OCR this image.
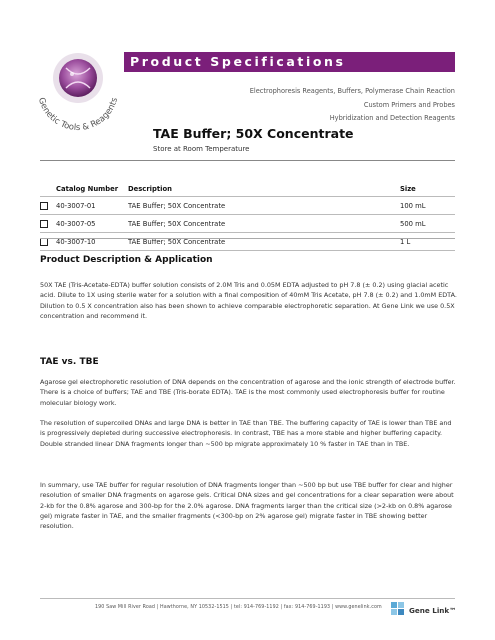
Genetic Tools & Reagents
Product Specifications
Electrophoresis Reagents, Buffers, Polymerase Chain Reaction
Custom Primers and Probes
Hybridization and Detection Reagents
TAE Buffer; 50X Concentrate
Store at Room Temperature
	Catalog Number	Description	Size
	40-3007-01	TAE Buffer; 50X Concentrate	100 mL
	40-3007-05	TAE Buffer; 50X Concentrate	500 mL
	40-3007-10	TAE Buffer; 50X Concentrate	1 L
Product Description & Application
50X TAE (Tris-Acetate-EDTA) buffer solution consists of 2.0M Tris and 0.05M EDTA adjusted to pH 7.8 (± 0.2) using glacial acetic acid. Dilute to 1X using sterile water for a solution with a final composition of 40mM Tris Acetate, pH 7.8 (± 0.2) and 1.0mM EDTA. Dilution to 0.5 X concentration also has been shown to achieve comparable electrophoretic separation. At Gene Link we use 0.5X concentration and recommend it.
TAE vs. TBE
Agarose gel electrophoretic resolution of DNA depends on the concentration of agarose and the ionic strength of electrode buffer. There is a choice of buffers; TAE and TBE (Tris-borate EDTA). TAE is the most commonly used electrophoresis buffer for routine molecular biology work.
The resolution of supercoiled DNAs and large DNA is better in TAE than TBE. The buffering capacity of TAE is lower than TBE and is progressively depleted during successive electrophoresis. In contrast, TBE has a more stable and higher buffering capacity. Double stranded linear DNA fragments longer than ~500 bp migrate approximately 10 % faster in TAE than in TBE.
In summary, use TAE buffer for regular resolution of DNA fragments longer than ~500 bp but use TBE buffer for clear and higher resolution of smaller DNA fragments on agarose gels. Critical DNA sizes and gel concentrations for a clear separation were about 2-kb for the 0.8% agarose and 300-bp for the 2.0% agarose. DNA fragments larger than the critical size (>2-kb on 0.8% agarose gel) migrate faster in TAE, and the smaller fragments (<300-bp on 2% agarose gel) migrate faster in TBE showing better resolution.
190 Saw Mill River Road | Hawthorne, NY 10532-1515 | tel: 914-769-1192 | fax: 914-769-1193 | www.genelink.com	Gene Link™
